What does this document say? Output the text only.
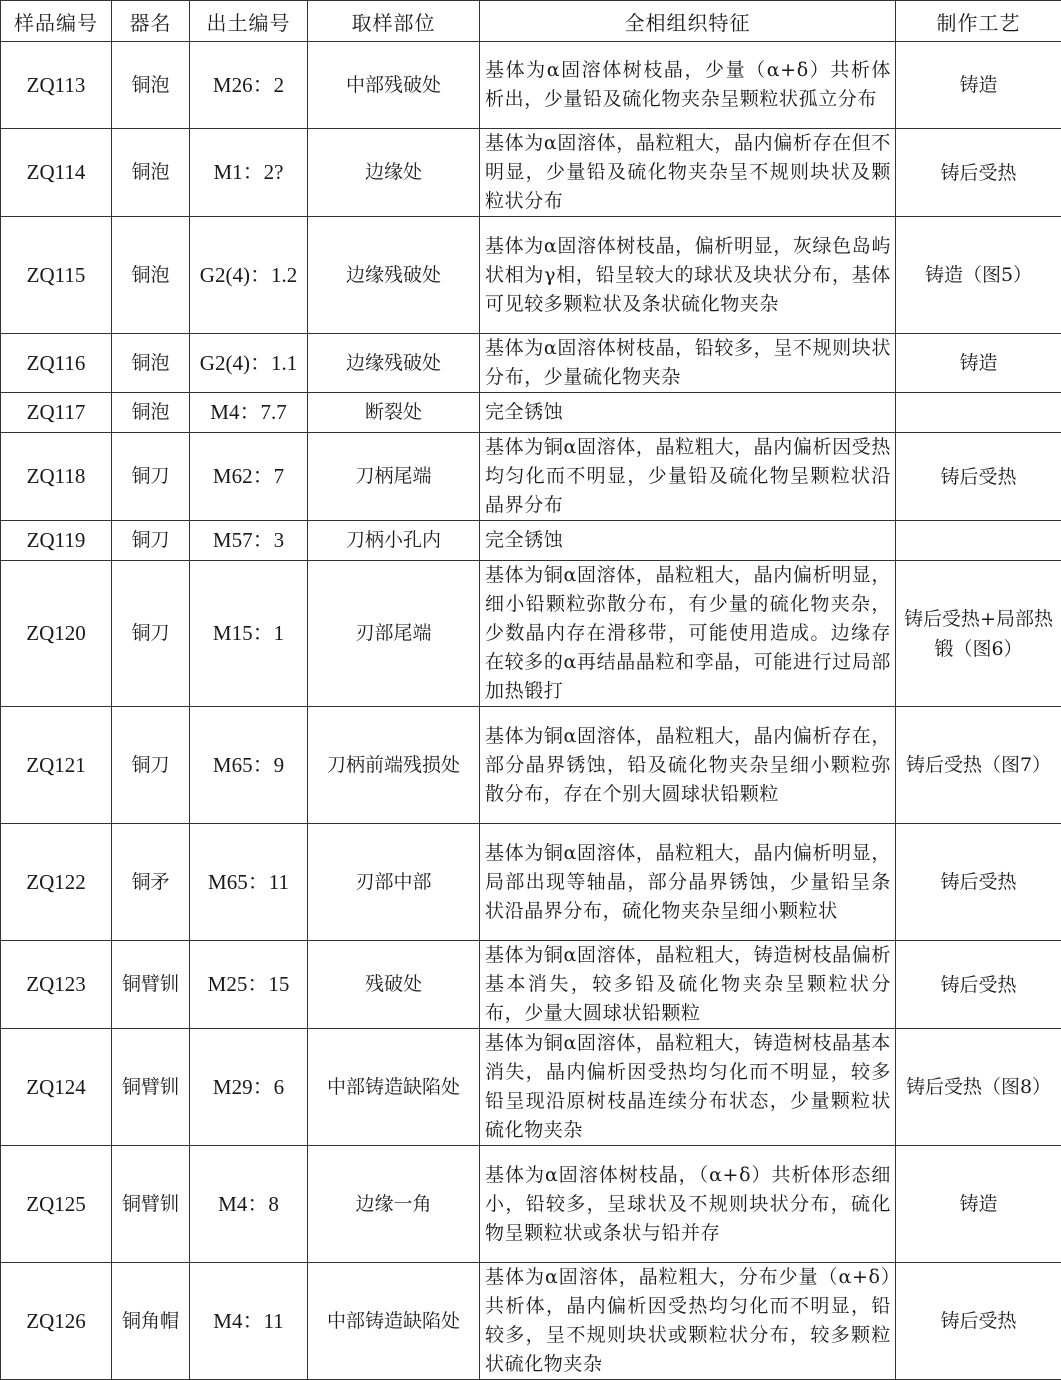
样品编号	器名	出土编号	取样部位	全相组织特征	制作工艺
ZQ113	铜泡	M26：2	中部残破处	基体为α固溶体树枝晶，少量（α+δ）共析体析出，少量铅及硫化物夹杂呈颗粒状孤立分布	铸造
ZQ114	铜泡	M1：2?	边缘处	基体为α固溶体，晶粒粗大，晶内偏析存在但不明显，少量铅及硫化物夹杂呈不规则块状及颗粒状分布	铸后受热
ZQ115	铜泡	G2(4)：1.2	边缘残破处	基体为α固溶体树枝晶，偏析明显，灰绿色岛屿状相为γ相，铅呈较大的球状及块状分布，基体可见较多颗粒状及条状硫化物夹杂	铸造（图5）
ZQ116	铜泡	G2(4)：1.1	边缘残破处	基体为α固溶体树枝晶，铅较多，呈不规则块状分布，少量硫化物夹杂	铸造
ZQ117	铜泡	M4：7.7	断裂处	完全锈蚀	
ZQ118	铜刀	M62：7	刀柄尾端	基体为铜α固溶体，晶粒粗大，晶内偏析因受热均匀化而不明显，少量铅及硫化物呈颗粒状沿晶界分布	铸后受热
ZQ119	铜刀	M57：3	刀柄小孔内	完全锈蚀	
ZQ120	铜刀	M15：1	刃部尾端	基体为铜α固溶体，晶粒粗大，晶内偏析明显，细小铅颗粒弥散分布，有少量的硫化物夹杂，少数晶内存在滑移带，可能使用造成。边缘存在较多的α再结晶晶粒和孪晶，可能进行过局部加热锻打	铸后受热+局部热锻（图6）
ZQ121	铜刀	M65：9	刀柄前端残损处	基体为铜α固溶体，晶粒粗大，晶内偏析存在，部分晶界锈蚀，铅及硫化物夹杂呈细小颗粒弥散分布，存在个别大圆球状铅颗粒	铸后受热（图7）
ZQ122	铜矛	M65：11	刃部中部	基体为铜α固溶体，晶粒粗大，晶内偏析明显，局部出现等轴晶，部分晶界锈蚀，少量铅呈条状沿晶界分布，硫化物夹杂呈细小颗粒状	铸后受热
ZQ123	铜臂钏	M25：15	残破处	基体为铜α固溶体，晶粒粗大，铸造树枝晶偏析基本消失，较多铅及硫化物夹杂呈颗粒状分布，少量大圆球状铅颗粒	铸后受热
ZQ124	铜臂钏	M29：6	中部铸造缺陷处	基体为铜α固溶体，晶粒粗大，铸造树枝晶基本消失，晶内偏析因受热均匀化而不明显，较多铅呈现沿原树枝晶连续分布状态，少量颗粒状硫化物夹杂	铸后受热（图8）
ZQ125	铜臂钏	M4：8	边缘一角	基体为α固溶体树枝晶，（α+δ）共析体形态细小，铅较多，呈球状及不规则块状分布，硫化物呈颗粒状或条状与铅并存	铸造
ZQ126	铜角帽	M4：11	中部铸造缺陷处	基体为α固溶体，晶粒粗大，分布少量（α+δ）共析体，晶内偏析因受热均匀化而不明显，铅较多，呈不规则块状或颗粒状分布，较多颗粒状硫化物夹杂	铸后受热
